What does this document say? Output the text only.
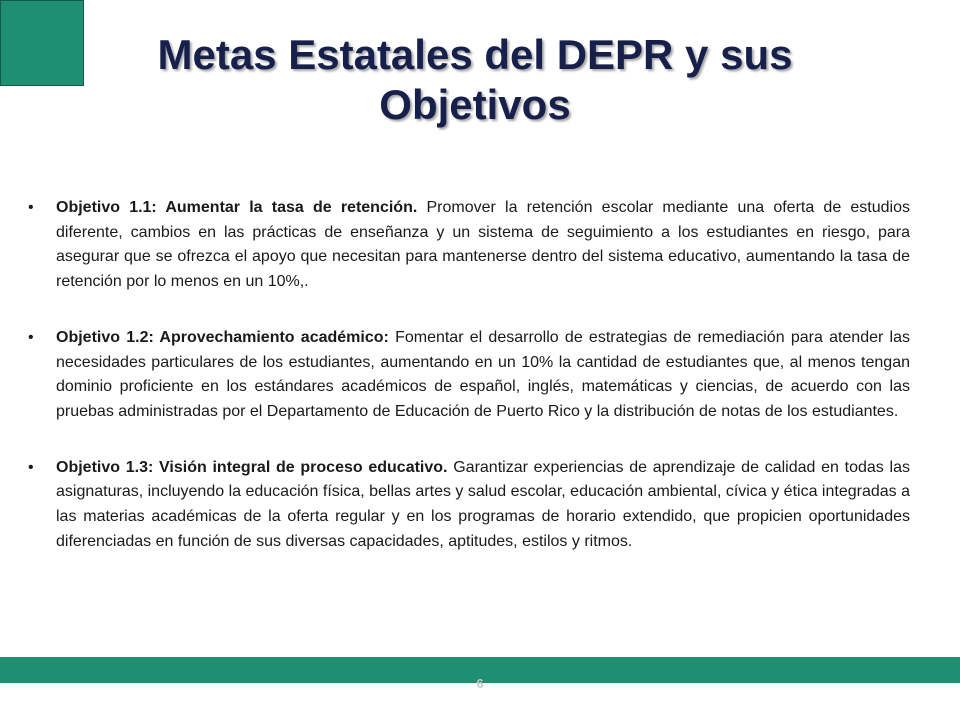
Metas Estatales del DEPR y sus
Objetivos
• Objetivo 1.1: Aumentar la tasa de retención. Promover la retención escolar mediante una oferta de estudios diferente, cambios en las prácticas de enseñanza y un sistema de seguimiento a los estudiantes en riesgo, para asegurar que se ofrezca el apoyo que necesitan para mantenerse dentro del sistema educativo, aumentando la tasa de retención por lo menos en un 10%,.
• Objetivo 1.2: Aprovechamiento académico: Fomentar el desarrollo de estrategias de remediación para atender las necesidades particulares de los estudiantes, aumentando en un 10% la cantidad de estudiantes que, al menos tengan dominio proficiente en los estándares académicos de español, inglés, matemáticas y ciencias, de acuerdo con las pruebas administradas por el Departamento de Educación de Puerto Rico y la distribución de notas de los estudiantes.
• Objetivo 1.3: Visión integral de proceso educativo. Garantizar experiencias de aprendizaje de calidad en todas las asignaturas, incluyendo la educación física, bellas artes y salud escolar, educación ambiental, cívica y ética integradas a las materias académicas de la oferta regular y en los programas de horario extendido, que propicien oportunidades diferenciadas en función de sus diversas capacidades, aptitudes, estilos y ritmos.
6
